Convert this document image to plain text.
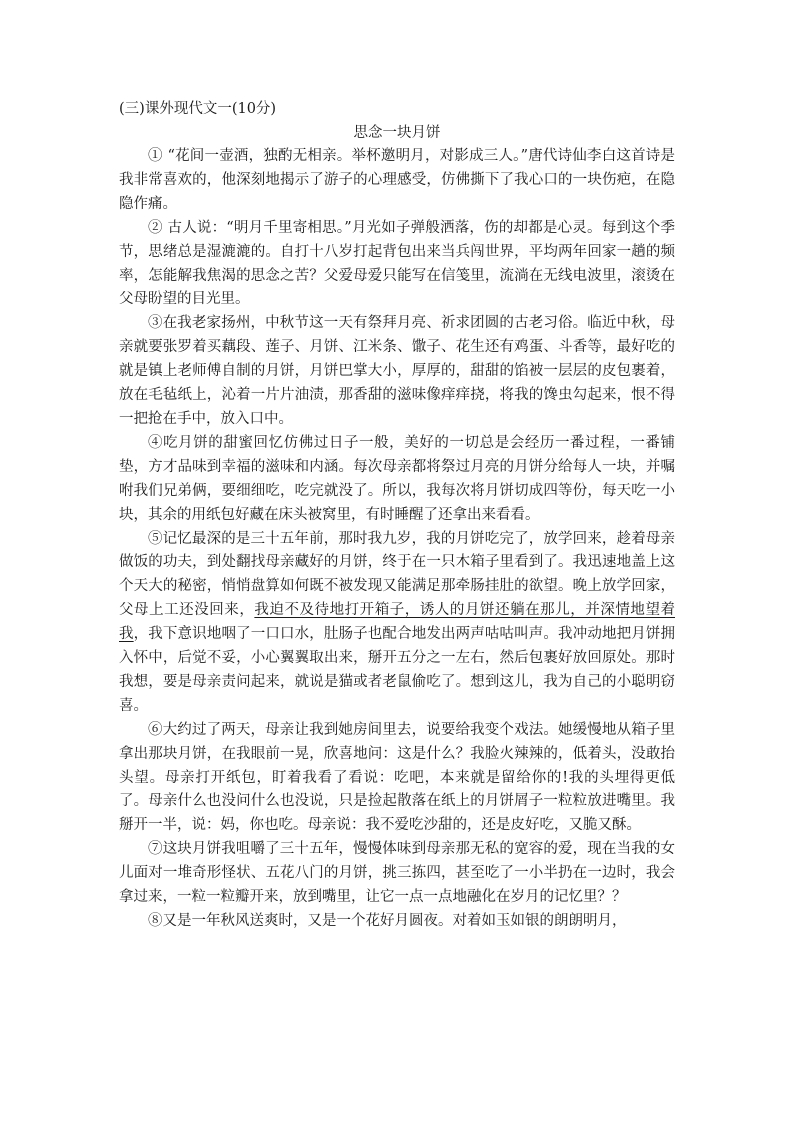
(三)课外现代文一(10分)
思念一块月饼

① “花间一壶酒，独酌无相亲。举杯邀明月，对影成三人。”唐代诗仙李白这首诗是我非常喜欢的，他深刻地揭示了游子的心理感受，仿佛撕下了我心口的一块伤疤，在隐隐作痛。

② 古人说：“明月千里寄相思。”月光如子弹般洒落，伤的却都是心灵。每到这个季节，思绪总是湿漉漉的。自打十八岁打起背包出来当兵闯世界，平均两年回家一趟的频率，怎能解我焦渴的思念之苦？父爱母爱只能写在信笺里，流淌在无线电波里，滚烫在父母盼望的目光里。

③在我老家扬州，中秋节这一天有祭拜月亮、祈求团圆的古老习俗。临近中秋，母亲就要张罗着买藕段、莲子、月饼、江米条、馓子、花生还有鸡蛋、斗香等，最好吃的就是镇上老师傅自制的月饼，月饼巴掌大小，厚厚的，甜甜的馅被一层层的皮包裹着，放在毛毡纸上，沁着一片片油渍，那香甜的滋味像痒痒挠，将我的馋虫勾起来，恨不得一把抢在手中，放入口中。

④吃月饼的甜蜜回忆仿佛过日子一般，美好的一切总是会经历一番过程，一番铺垫，方才品味到幸福的滋味和内涵。每次母亲都将祭过月亮的月饼分给每人一块，并嘱咐我们兄弟俩，要细细吃，吃完就没了。所以，我每次将月饼切成四等份，每天吃一小块，其余的用纸包好藏在床头被窝里，有时睡醒了还拿出来看看。

⑤记忆最深的是三十五年前，那时我九岁，我的月饼吃完了，放学回来，趁着母亲做饭的功夫，到处翻找母亲藏好的月饼，终于在一只木箱子里看到了。我迅速地盖上这个天大的秘密，悄悄盘算如何既不被发现又能满足那牵肠挂肚的欲望。晚上放学回家，父母上工还没回来，我迫不及待地打开箱子，诱人的月饼还躺在那儿，并深情地望着我，我下意识地咽了一口口水，肚肠子也配合地发出两声咕咕叫声。我冲动地把月饼拥入怀中，后觉不妥，小心翼翼取出来，掰开五分之一左右，然后包裹好放回原处。那时我想，要是母亲责问起来，就说是猫或者老鼠偷吃了。想到这儿，我为自己的小聪明窃喜。

⑥大约过了两天，母亲让我到她房间里去，说要给我变个戏法。她缓慢地从箱子里拿出那块月饼，在我眼前一晃，欣喜地问：这是什么？我脸火辣辣的，低着头，没敢抬头望。母亲打开纸包，盯着我看了看说：吃吧，本来就是留给你的!我的头埋得更低了。母亲什么也没问什么也没说，只是捡起散落在纸上的月饼屑子一粒粒放进嘴里。我掰开一半，说：妈，你也吃。母亲说：我不爱吃沙甜的，还是皮好吃，又脆又酥。

⑦这块月饼我咀嚼了三十五年，慢慢体味到母亲那无私的宽容的爱，现在当我的女儿面对一堆奇形怪状、五花八门的月饼，挑三拣四，甚至吃了一小半扔在一边时，我会拿过来，一粒一粒瓣开来，放到嘴里，让它一点一点地融化在岁月的记忆里？？

⑧又是一年秋风送爽时，又是一个花好月圆夜。对着如玉如银的朗朗明月，
